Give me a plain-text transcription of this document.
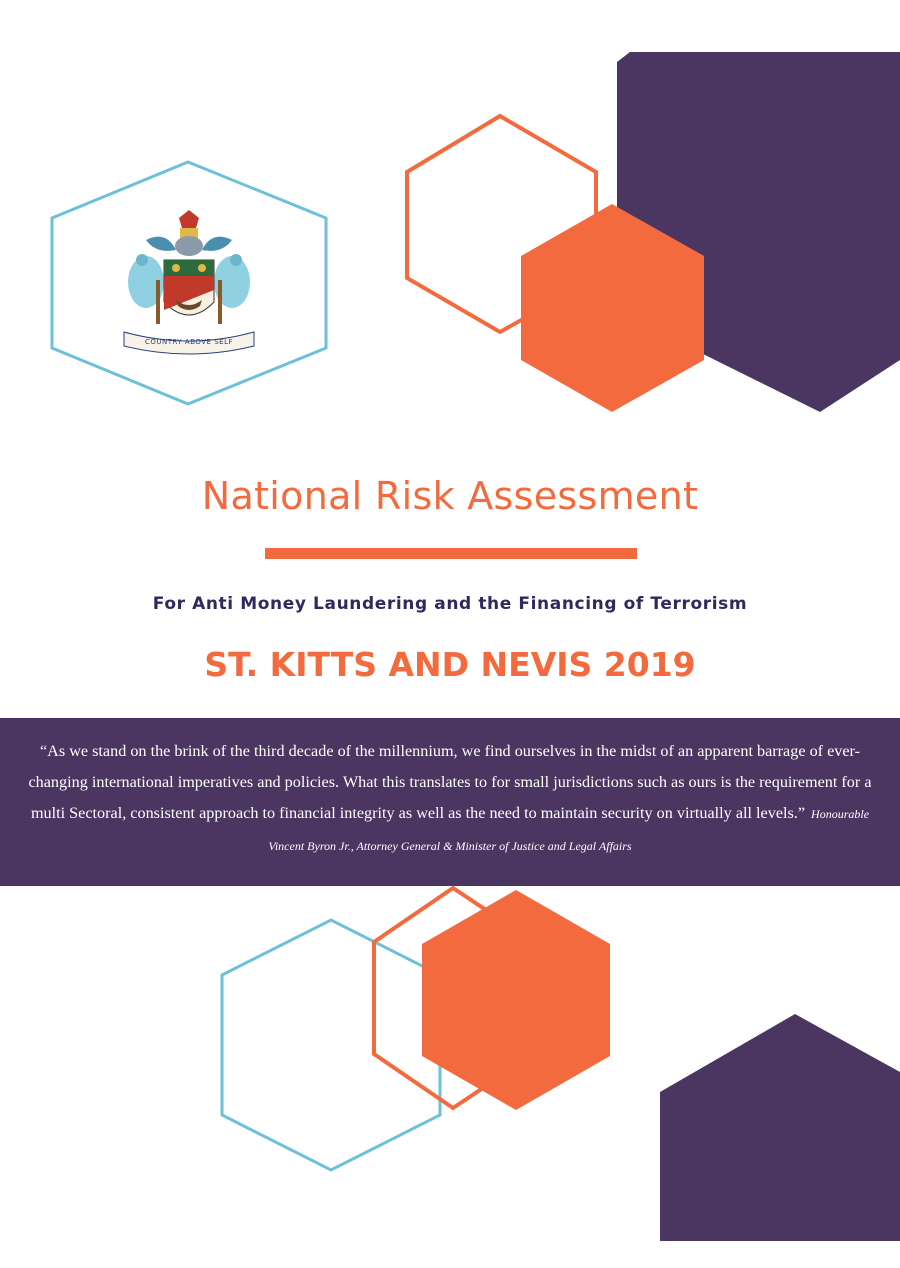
COUNTRY ABOVE SELF
National Risk Assessment
For Anti Money Laundering and the Financing of Terrorism
ST. KITTS AND NEVIS 2019
“As we stand on the brink of the third decade of the millennium, we find ourselves in the midst of an apparent barrage of ever-changing international imperatives and policies. What this translates to for small jurisdictions such as ours is the requirement for a multi Sectoral, consistent approach to financial integrity as well as the need to maintain security on virtually all levels.” Honourable Vincent Byron Jr., Attorney General & Minister of Justice and Legal Affairs
